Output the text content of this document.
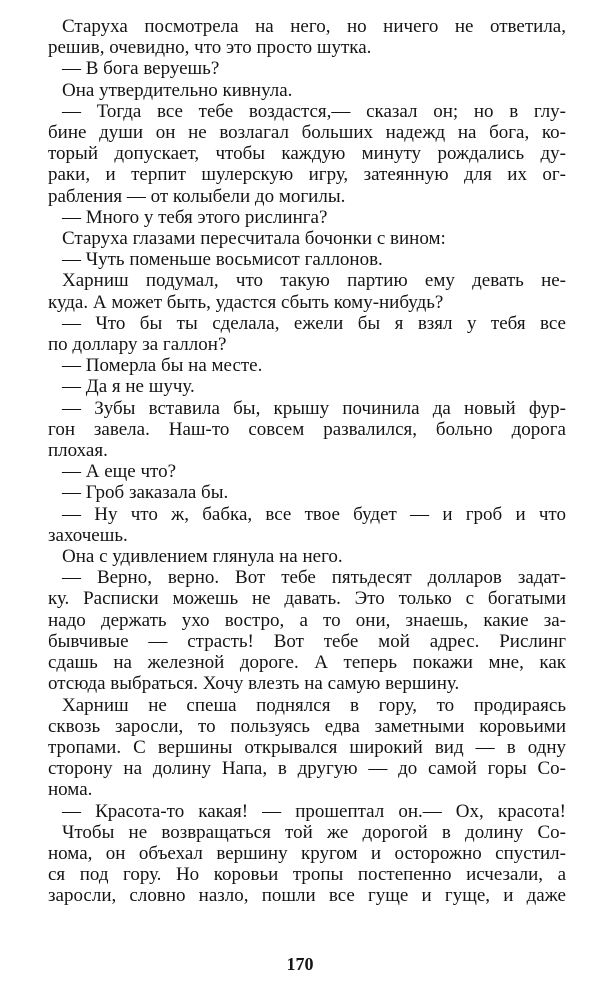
Старуха посмотрела на него, но ничего не ответила,
решив, очевидно, что это просто шутка.
— В бога веруешь?
Она утвердительно кивнула.
— Тогда все тебе воздастся,— сказал он; но в глу-
бине души он не возлагал больших надежд на бога, ко-
торый допускает, чтобы каждую минуту рождались ду-
раки, и терпит шулерскую игру, затеянную для их ог-
рабления — от колыбели до могилы.
— Много у тебя этого рислинга?
Старуха глазами пересчитала бочонки с вином:
— Чуть поменьше восьмисот галлонов.
Харниш подумал, что такую партию ему девать не-
куда. А может быть, удастся сбыть кому-нибудь?
— Что бы ты сделала, ежели бы я взял у тебя все
по доллару за галлон?
— Померла бы на месте.
— Да я не шучу.
— Зубы вставила бы, крышу починила да новый фур-
гон завела. Наш-то совсем развалился, больно дорога
плохая.
— А еще что?
— Гроб заказала бы.
— Ну что ж, бабка, все твое будет — и гроб и что
захочешь.
Она с удивлением глянула на него.
— Верно, верно. Вот тебе пятьдесят долларов задат-
ку. Расписки можешь не давать. Это только с богатыми
надо держать ухо востро, а то они, знаешь, какие за-
бывчивые — страсть! Вот тебе мой адрес. Рислинг
сдашь на железной дороге. А теперь покажи мне, как
отсюда выбраться. Хочу влезть на самую вершину.
Харниш не спеша поднялся в гору, то продираясь
сквозь заросли, то пользуясь едва заметными коровьими
тропами. С вершины открывался широкий вид — в одну
сторону на долину Напа, в другую — до самой горы Со-
нома.
— Красота-то какая! — прошептал он.— Ох, красота!
Чтобы не возвращаться той же дорогой в долину Со-
нома, он объехал вершину кругом и осторожно спустил-
ся под гору. Но коровьи тропы постепенно исчезали, а
заросли, словно назло, пошли все гуще и гуще, и даже
170
